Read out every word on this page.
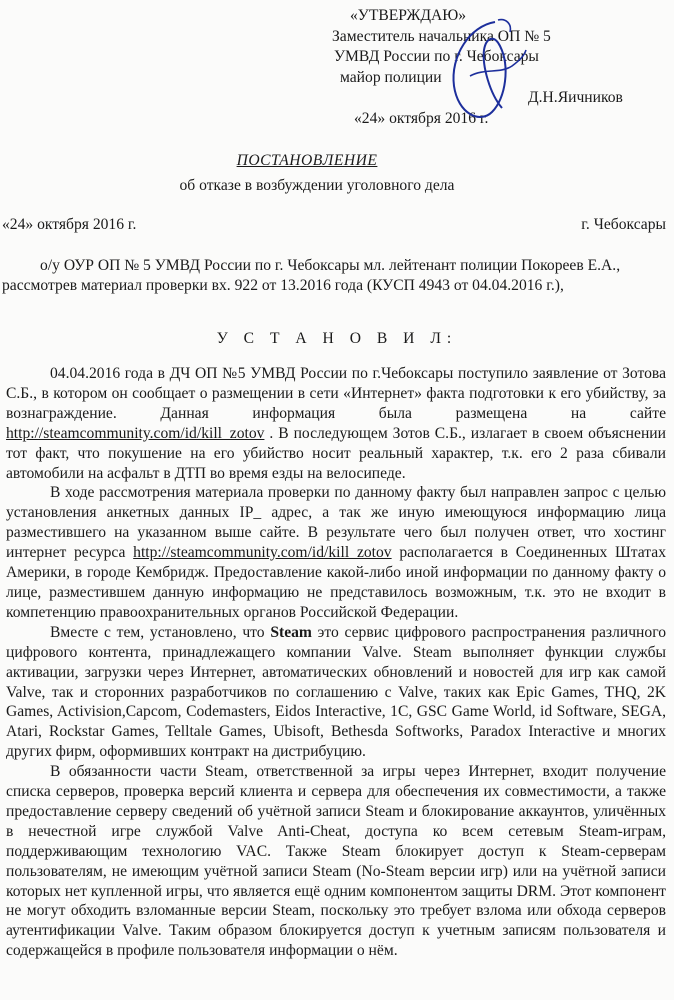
«УТВЕРЖДАЮ»
Заместитель начальника ОП № 5
УМВД России по г. Чебоксары
майор полиции
Д.Н.Яичников
«24» октября 2016 г.
ПОСТАНОВЛЕНИЕ
об отказе в возбуждении уголовного дела
«24» октября 2016 г.	г. Чебоксары

о/у ОУР ОП № 5 УМВД России по г. Чебоксары мл. лейтенант полиции Покореев Е.А.,

рассмотрев материал проверки вх. 922 от 13.2016 года (КУСП 4943 от 04.04.2016 г.),

У С Т А Н О В И Л:

04.04.2016 года в ДЧ ОП №5 УМВД России по г.Чебоксары поступило заявление от Зотова С.Б., в котором он сообщает о размещении в сети «Интернет» факта подготовки к его убийству, за вознаграждение. Данная информация была размещена на сайте http://steamcommunity.com/id/kill_zotov . В последующем Зотов С.Б., излагает в своем объяснении тот факт, что покушение на его убийство носит реальный характер, т.к. его 2 раза сбивали автомобили на асфальт в ДТП во время езды на велосипеде.

В ходе рассмотрения материала проверки по данному факту был направлен запрос с целью установления анкетных данных IP_ адрес, а так же иную имеющуюся информацию лица разместившего на указанном выше сайте. В результате чего был получен ответ, что хостинг интернет ресурса http://steamcommunity.com/id/kill_zotov располагается в Соединенных Штатах Америки, в городе Кембридж. Предоставление какой-либо иной информации по данному факту о лице, разместившем данную информацию не представилось возможным, т.к. это не входит в компетенцию правоохранительных органов Российской Федерации.

Вместе с тем, установлено, что Steam это сервис цифрового распространения различного цифрового контента, принадлежащего компании Valve. Steam выполняет функции службы активации, загрузки через Интернет, автоматических обновлений и новостей для игр как самой Valve, так и сторонних разработчиков по соглашению с Valve, таких как Epic Games, THQ, 2K Games, Activision,Capcom, Codemasters, Eidos Interactive, 1C, GSC Game World, id Software, SEGA, Atari, Rockstar Games, Telltale Games, Ubisoft, Bethesda Softworks, Paradox Interactive и многих других фирм, оформивших контракт на дистрибуцию.

В обязанности части Steam, ответственной за игры через Интернет, входит получение списка серверов, проверка версий клиента и сервера для обеспечения их совместимости, а также предоставление серверу сведений об учётной записи Steam и блокирование аккаунтов, уличённых в нечестной игре службой Valve Anti-Cheat, доступа ко всем сетевым Steam-играм, поддерживающим технологию VAC. Также Steam блокирует доступ к Steam-серверам пользователям, не имеющим учётной записи Steam (No-Steam версии игр) или на учётной записи которых нет купленной игры, что является ещё одним компонентом защиты DRM. Этот компонент не могут обходить взломанные версии Steam, поскольку это требует взлома или обхода серверов аутентификации Valve. Таким образом блокируется доступ к учетным записям пользователя и содержащейся в профиле пользователя информации о нём.
